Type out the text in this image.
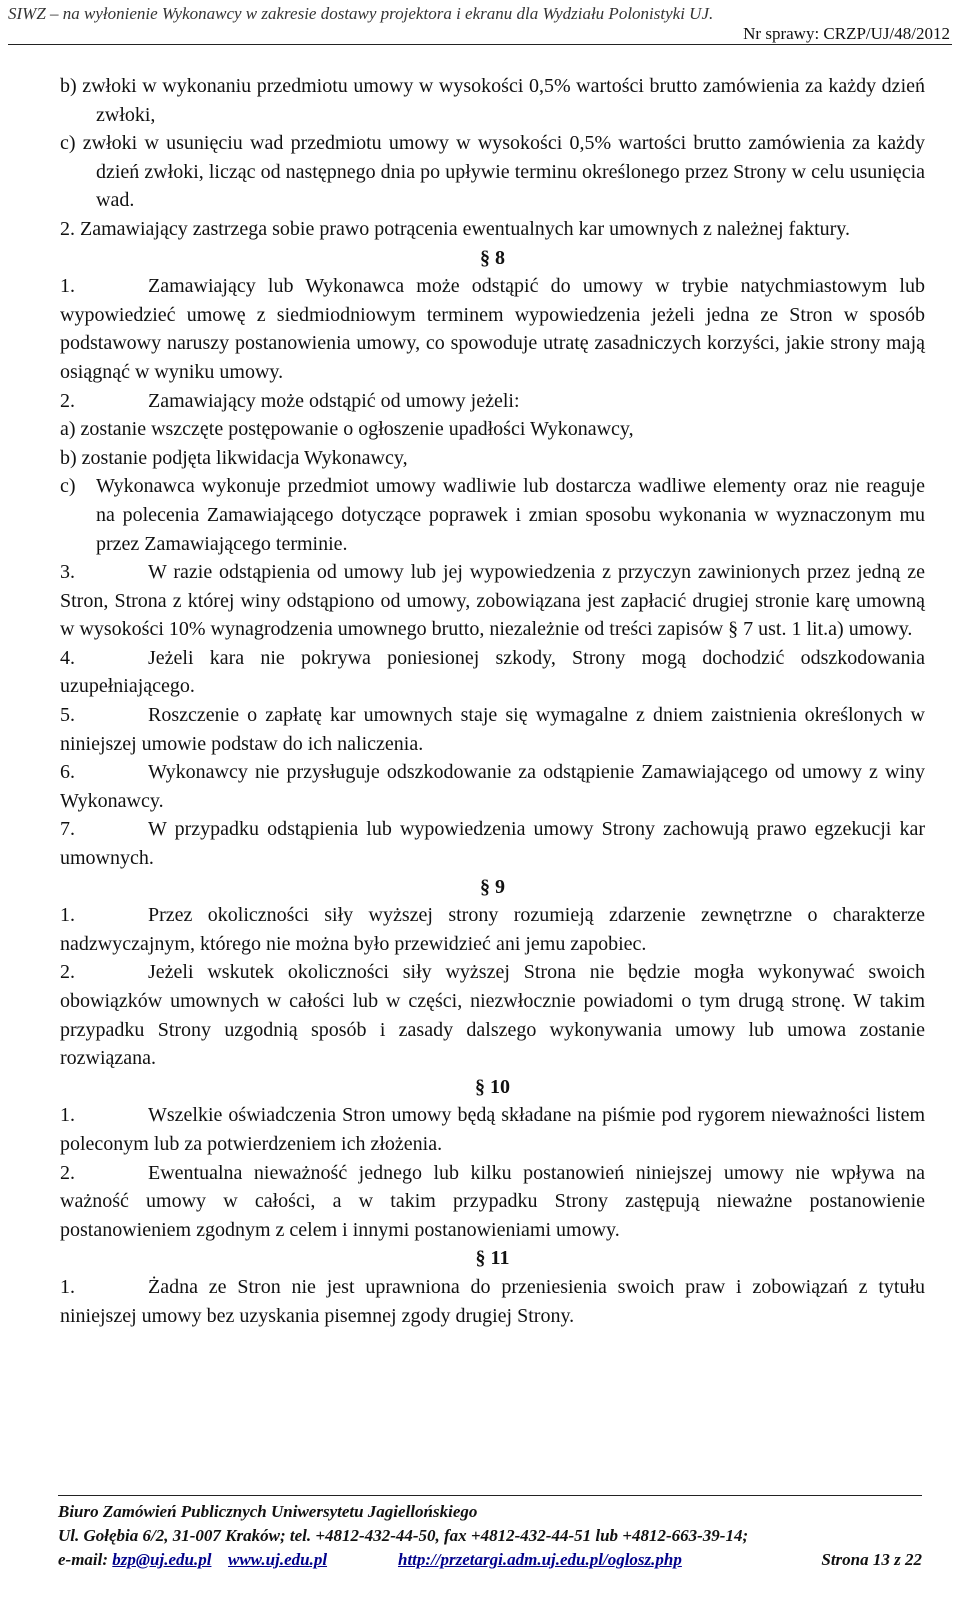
SIWZ – na wyłonienie Wykonawcy w zakresie dostawy projektora i ekranu dla Wydziału Polonistyki UJ.
Nr sprawy: CRZP/UJ/48/2012

b) zwłoki w wykonaniu przedmiotu umowy w wysokości 0,5% wartości brutto zamówienia za każdy dzień zwłoki,

c) zwłoki w usunięciu wad przedmiotu umowy w wysokości 0,5% wartości brutto zamówienia za każdy dzień zwłoki, licząc od następnego dnia po upływie terminu określonego przez Strony w celu usunięcia wad.

2. Zamawiający zastrzega sobie prawo potrącenia ewentualnych kar umownych z należnej faktury.

§ 8

1.	Zamawiający lub Wykonawca może odstąpić do umowy w trybie natychmiastowym lub wypowiedzieć umowę z siedmiodniowym terminem wypowiedzenia jeżeli jedna ze Stron w sposób podstawowy naruszy postanowienia umowy, co spowoduje utratę zasadniczych korzyści, jakie strony mają osiągnąć w wyniku umowy.

2.	Zamawiający może odstąpić od umowy jeżeli:

a) zostanie wszczęte postępowanie o ogłoszenie upadłości Wykonawcy,

b) zostanie podjęta likwidacja Wykonawcy,

c) Wykonawca wykonuje przedmiot umowy wadliwie lub dostarcza wadliwe elementy oraz nie reaguje na polecenia Zamawiającego dotyczące poprawek i zmian sposobu wykonania w wyznaczonym mu przez Zamawiającego terminie.

3.	W razie odstąpienia od umowy lub jej wypowiedzenia z przyczyn zawinionych przez jedną ze Stron, Strona z której winy odstąpiono od umowy, zobowiązana jest zapłacić drugiej stronie karę umowną w wysokości 10% wynagrodzenia umownego brutto, niezależnie od treści zapisów § 7 ust. 1 lit.a) umowy.

4.	Jeżeli kara nie pokrywa poniesionej szkody, Strony mogą dochodzić odszkodowania uzupełniającego.

5.	Roszczenie o zapłatę kar umownych staje się wymagalne z dniem zaistnienia określonych w niniejszej umowie podstaw do ich naliczenia.

6.	Wykonawcy nie przysługuje odszkodowanie za odstąpienie Zamawiającego od umowy z winy Wykonawcy.

7.	W przypadku odstąpienia lub wypowiedzenia umowy Strony zachowują prawo egzekucji kar umownych.

§ 9

1.	Przez okoliczności siły wyższej strony rozumieją zdarzenie zewnętrzne o charakterze nadzwyczajnym, którego nie można było przewidzieć ani jemu zapobiec.

2.	Jeżeli wskutek okoliczności siły wyższej Strona nie będzie mogła wykonywać swoich obowiązków umownych w całości lub w części, niezwłocznie powiadomi o tym drugą stronę. W takim przypadku Strony uzgodnią sposób i zasady dalszego wykonywania umowy lub umowa zostanie rozwiązana.

§ 10

1.	Wszelkie oświadczenia Stron umowy będą składane na piśmie pod rygorem nieważności listem poleconym lub za potwierdzeniem ich złożenia.

2.	Ewentualna nieważność jednego lub kilku postanowień niniejszej umowy nie wpływa na ważność umowy w całości, a w takim przypadku Strony zastępują nieważne postanowienie postanowieniem zgodnym z celem i innymi postanowieniami umowy.

§ 11

1.	Żadna ze Stron nie jest uprawniona do przeniesienia swoich praw i zobowiązań z tytułu niniejszej umowy bez uzyskania pisemnej zgody drugiej Strony.

Biuro Zamówień Publicznych Uniwersytetu Jagiellońskiego
Ul. Gołębia 6/2, 31-007 Kraków; tel. +4812-432-44-50, fax +4812-432-44-51 lub +4812-663-39-14;
e-mail: bzp@uj.edu.pl www.uj.edu.pl	http://przetargi.adm.uj.edu.pl/oglosz.php	Strona 13 z 22
